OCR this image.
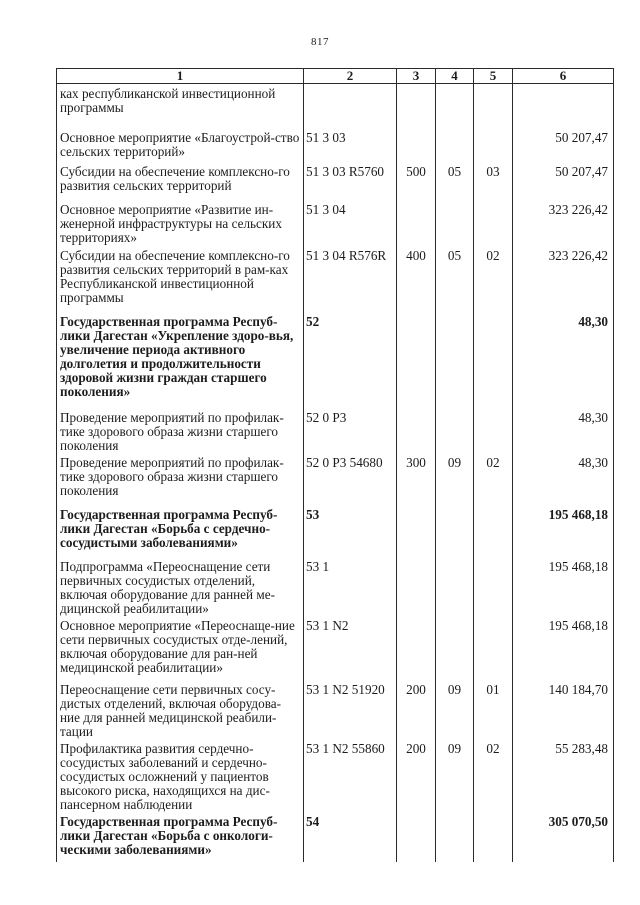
817
1	2	3	4	5	6
ках республиканской инвестиционной программы					
Основное мероприятие «Благоустрой-ство сельских территорий»	51 3 03				50 207,47
Субсидии на обеспечение комплексно-го развития сельских территорий	51 3 03 R5760	500	05	03	50 207,47
Основное мероприятие «Развитие ин-женерной инфраструктуры на сельских территориях»	51 3 04				323 226,42
Субсидии на обеспечение комплексно-го развития сельских территорий в рам-ках Республиканской инвестиционной программы	51 3 04 R576R	400	05	02	323 226,42
Государственная программа Респуб-лики Дагестан «Укрепление здоро-вья, увеличение периода активного долголетия и продолжительности здоровой жизни граждан старшего поколения»	52				48,30
Проведение мероприятий по профилак-тике здорового образа жизни старшего поколения	52 0 P3				48,30
Проведение мероприятий по профилак-тике здорового образа жизни старшего поколения	52 0 P3 54680	300	09	02	48,30
Государственная программа Респуб-лики Дагестан «Борьба с сердечно-сосудистыми заболеваниями»	53				195 468,18
Подпрограмма «Переоснащение сети первичных сосудистых отделений, включая оборудование для ранней ме-дицинской реабилитации»	53 1				195 468,18
Основное мероприятие «Переоснаще-ние сети первичных сосудистых отде-лений, включая оборудование для ран-ней медицинской реабилитации»	53 1 N2				195 468,18
Переоснащение сети первичных сосу-дистых отделений, включая оборудова-ние для ранней медицинской реабили-тации	53 1 N2 51920	200	09	01	140 184,70
Профилактика развития сердечно-сосудистых заболеваний и сердечно-сосудистых осложнений у пациентов высокого риска, находящихся на дис-пансерном наблюдении	53 1 N2 55860	200	09	02	55 283,48
Государственная программа Респуб-лики Дагестан «Борьба с онкологи-ческими заболеваниями»	54				305 070,50
